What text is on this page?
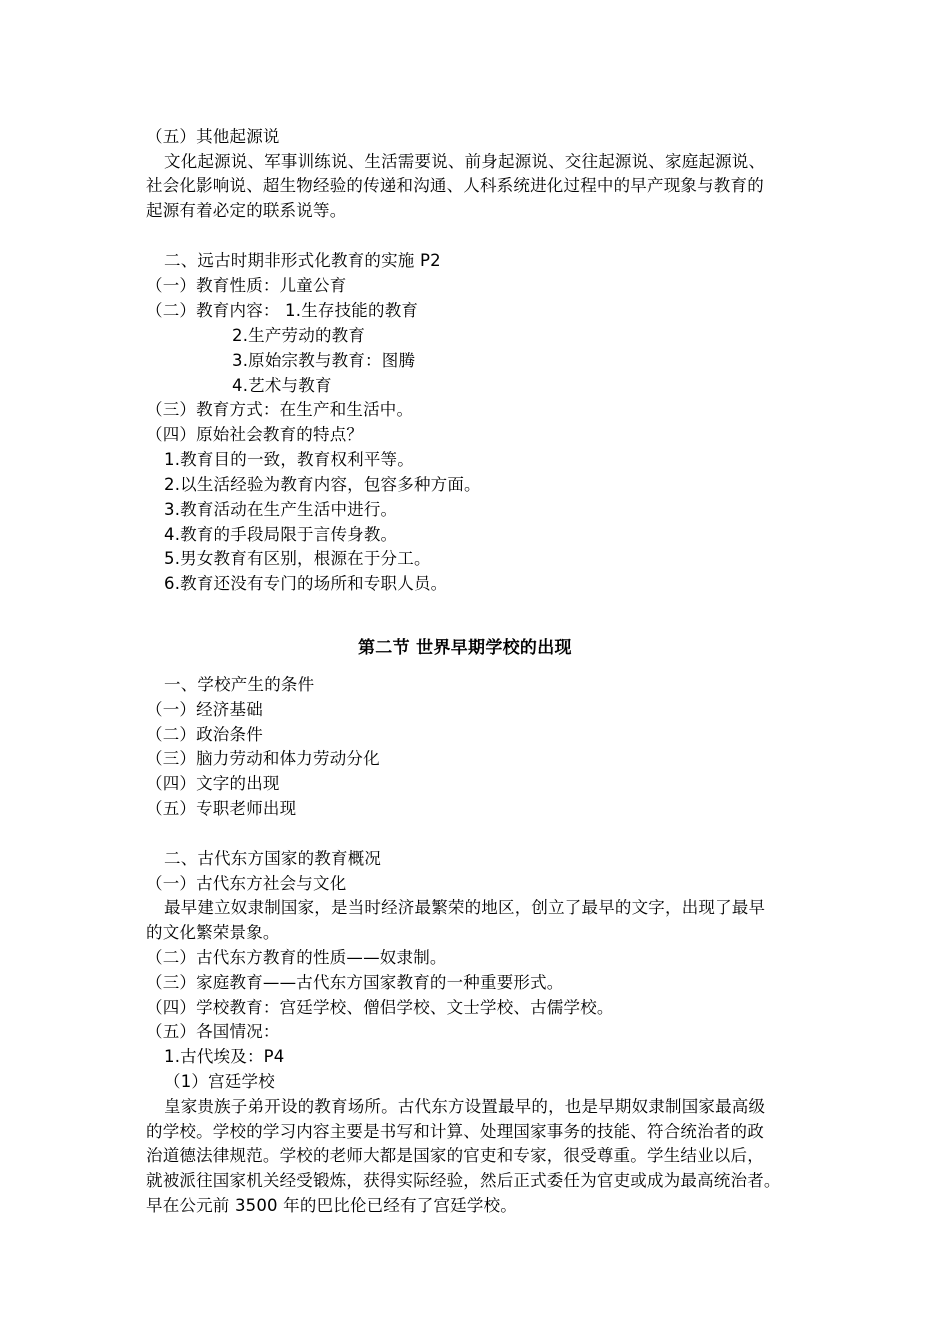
（五）其他起源说
文化起源说、军事训练说、生活需要说、前身起源说、交往起源说、家庭起源说、
社会化影响说、超生物经验的传递和沟通、人科系统进化过程中的早产现象与教育的
起源有着必定的联系说等。
二、远古时期非形式化教育的实施 P2
（一）教育性质：儿童公育
（二）教育内容： 1.生存技能的教育
2.生产劳动的教育
3.原始宗教与教育：图腾
4.艺术与教育
（三）教育方式：在生产和生活中。
（四）原始社会教育的特点？
1.教育目的一致，教育权利平等。
2.以生活经验为教育内容，包容多种方面。
3.教育活动在生产生活中进行。
4.教育的手段局限于言传身教。
5.男女教育有区别，根源在于分工。
6.教育还没有专门的场所和专职人员。
第二节 世界早期学校的出现
一、学校产生的条件
（一）经济基础
（二）政治条件
（三）脑力劳动和体力劳动分化
（四）文字的出现
（五）专职老师出现
二、古代东方国家的教育概况
（一）古代东方社会与文化
最早建立奴隶制国家，是当时经济最繁荣的地区，创立了最早的文字，出现了最早
的文化繁荣景象。
（二）古代东方教育的性质——奴隶制。
（三）家庭教育——古代东方国家教育的一种重要形式。
（四）学校教育：宫廷学校、僧侣学校、文士学校、古儒学校。
（五）各国情况：
1.古代埃及：P4
（1）宫廷学校
皇家贵族子弟开设的教育场所。古代东方设置最早的，也是早期奴隶制国家最高级
的学校。学校的学习内容主要是书写和计算、处理国家事务的技能、符合统治者的政
治道德法律规范。学校的老师大都是国家的官吏和专家，很受尊重。学生结业以后，
就被派往国家机关经受锻炼，获得实际经验，然后正式委任为官吏或成为最高统治者。
早在公元前 3500 年的巴比伦已经有了宫廷学校。
